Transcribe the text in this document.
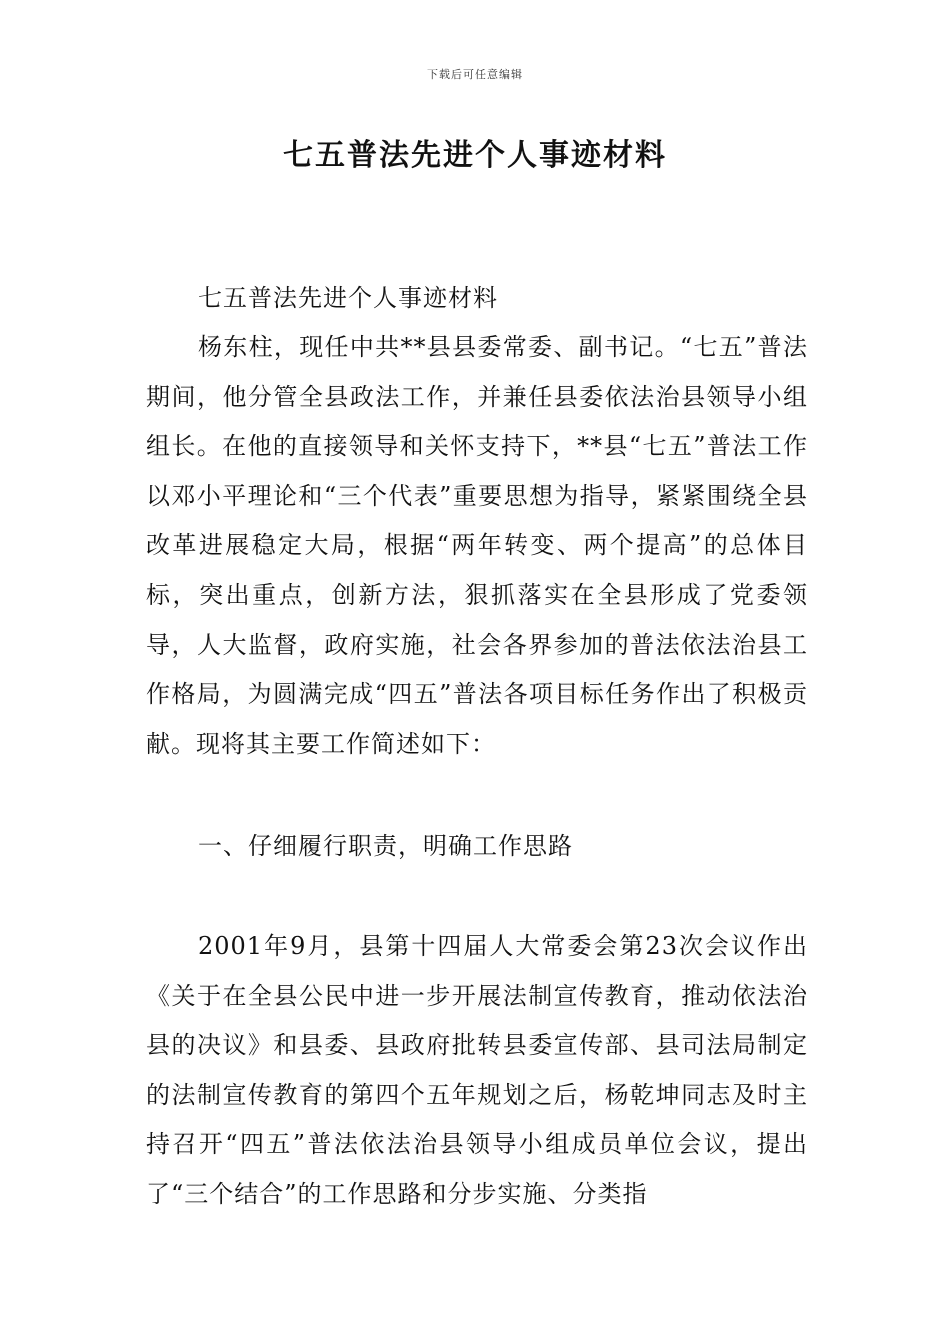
下载后可任意编辑
七五普法先进个人事迹材料

七五普法先进个人事迹材料

杨东柱，现任中共**县县委常委、副书记。“七五”普法期间，他分管全县政法工作，并兼任县委依法治县领导小组组长。在他的直接领导和关怀支持下，**县“七五”普法工作以邓小平理论和“三个代表”重要思想为指导，紧紧围绕全县改革进展稳定大局，根据“两年转变、两个提高”的总体目标，突出重点，创新方法，狠抓落实在全县形成了党委领导，人大监督，政府实施，社会各界参加的普法依法治县工作格局，为圆满完成“四五”普法各项目标任务作出了积极贡献。现将其主要工作简述如下：

一、仔细履行职责，明确工作思路

2001年9月，县第十四届人大常委会第23次会议作出《关于在全县公民中进一步开展法制宣传教育，推动依法治县的决议》和县委、县政府批转县委宣传部、县司法局制定的法制宣传教育的第四个五年规划之后，杨乾坤同志及时主持召开“四五”普法依法治县领导小组成员单位会议，提出了“三个结合”的工作思路和分步实施、分类指
